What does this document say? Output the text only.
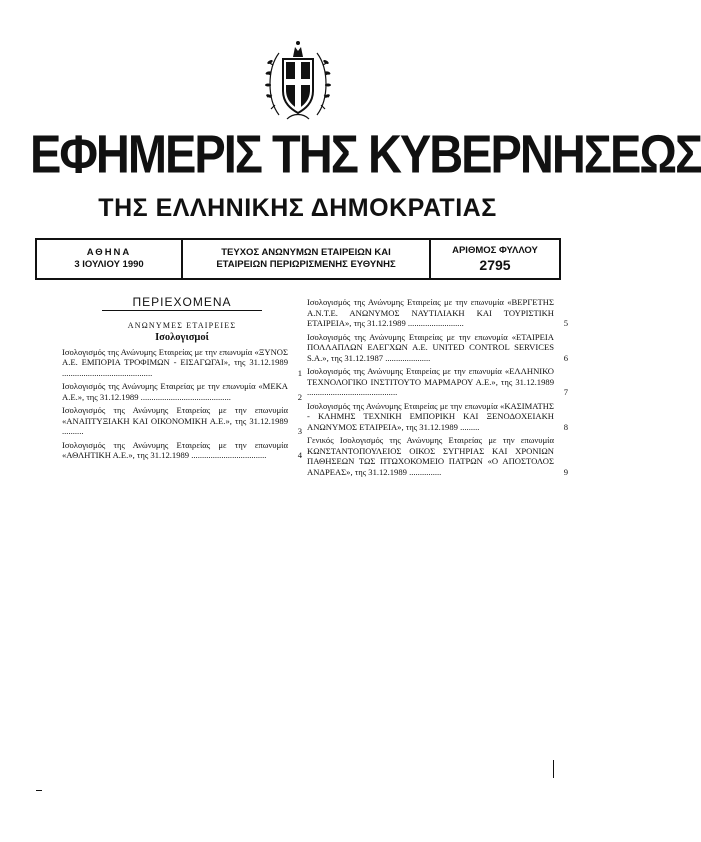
ΕΦΗΜΕΡΙΣ ΤΗΣ ΚΥΒΕΡΝΗΣΕΩΣ
ΤΗΣ ΕΛΛΗΝΙΚΗΣ ΔΗΜΟΚΡΑΤΙΑΣ
ΑΘΗΝΑ
3 ΙΟΥΛΙΟΥ 1990
ΤΕΥΧΟΣ ΑΝΩΝΥΜΩΝ ΕΤΑΙΡΕΙΩΝ ΚΑΙ
ΕΤΑΙΡΕΙΩΝ ΠΕΡΙΩΡΙΣΜΕΝΗΣ ΕΥΘΥΝΗΣ
ΑΡΙΘΜΟΣ ΦΥΛΛΟΥ
2795
ΠΕΡΙΕΧΟΜΕΝΑ
ΑΝΩΝΥΜΕΣ ΕΤΑΙΡΕΙΕΣ
Ισολογισμοί
Ισολογισμός της Ανώνυμης Εταιρείας με την επωνυμία «ΞΥΝΟΣ Α.Ε. ΕΜΠΟΡΙΑ ΤΡΟΦΙΜΩΝ - ΕΙΣΑΓΩΓΑΙ», της 31.12.1989 ..........................................	1
Ισολογισμός της Ανώνυμης Εταιρείας με την επωνυμία «ΜΕΚΑ Α.Ε.», της 31.12.1989 ..........................................	2
Ισολογισμός της Ανώνυμης Εταιρείας με την επωνυμία «ΑΝΑΠΤΥΞΙΑΚΗ ΚΑΙ ΟΙΚΟΝΟΜΙΚΗ Α.Ε.», της 31.12.1989 ..........	3
Ισολογισμός της Ανώνυμης Εταιρείας με την επωνυμία «ΑΘΛΗΤΙΚΗ Α.Ε.», της 31.12.1989 ...................................	4
Ισολογισμός της Ανώνυμης Εταιρείας με την επωνυμία «ΒΕΡΓΕΤΗΣ Α.Ν.Τ.Ε. ΑΝΩΝΥΜΟΣ ΝΑΥΤΙΛΙΑΚΗ ΚΑΙ ΤΟΥΡΙΣΤΙΚΗ ΕΤΑΙΡΕΙΑ», της 31.12.1989 ..........................	5
Ισολογισμός της Ανώνυμης Εταιρείας με την επωνυμία «ΕΤΑΙΡΕΙΑ ΠΟΛΛΑΠΛΩΝ ΕΛΕΓΧΩΝ Α.Ε. UNITED CONTROL SERVICES S.A.», της 31.12.1987 .....................	6
Ισολογισμός της Ανώνυμης Εταιρείας με την επωνυμία «ΕΛΛΗΝΙΚΟ ΤΕΧΝΟΛΟΓΙΚΟ ΙΝΣΤΙΤΟΥΤΟ ΜΑΡΜΑΡΟΥ Α.Ε.», της 31.12.1989 ..........................................	7
Ισολογισμός της Ανώνυμης Εταιρείας με την επωνυμία «ΚΑΣΙΜΑΤΗΣ - ΚΛΗΜΗΣ ΤΕΧΝΙΚΗ ΕΜΠΟΡΙΚΗ ΚΑΙ ΞΕΝΟΔΟΧΕΙΑΚΗ ΑΝΩΝΥΜΟΣ ΕΤΑΙΡΕΙΑ», της 31.12.1989 .........	8
Γενικός Ισολογισμός της Ανώνυμης Εταιρείας με την επωνυμία ΚΩΝΣΤΑΝΤΟΠΟΥΛΕΙΟΣ ΟΙΚΟΣ ΣΥΓΗΡΙΑΣ ΚΑΙ ΧΡΟΝΙΩΝ ΠΑΘΗΣΕΩΝ ΤΩΣ ΠΤΩΧΟΚΟΜΕΙΟ ΠΑΤΡΩΝ «Ο ΑΠΟΣΤΟΛΟΣ ΑΝΔΡΕΑΣ», της 31.12.1989 ...............	9
